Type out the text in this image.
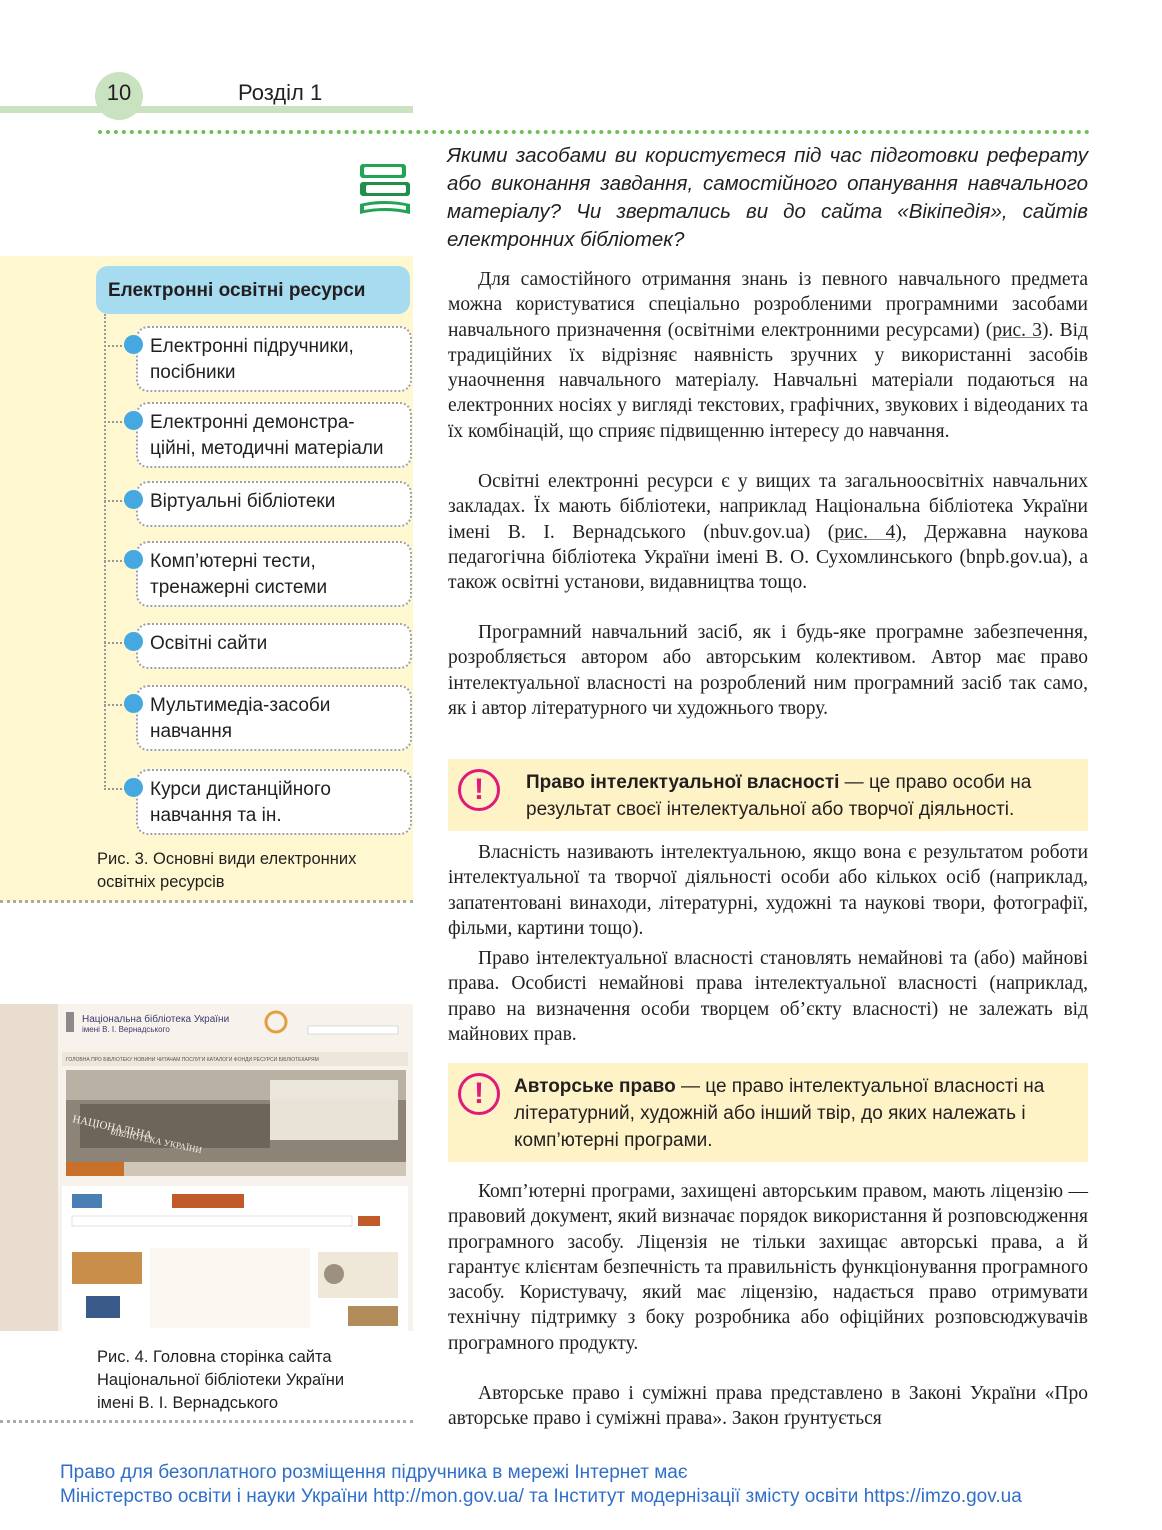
10	Розділ 1
Якими засобами ви користуєтеся під час підготовки реферату або виконання завдання, самостійного опанування навчального матеріалу? Чи звертались ви до сайта «Вікіпедія», сайтів електронних бібліотек?
Електронні освітні ресурси
Електронні підручники,
посібники
Електронні демонстра-
ційні, методичні матеріали
Віртуальні бібліотеки
Комп’ютерні тести,
тренажерні системи
Освітні сайти
Мультимедіа-засоби
навчання
Курси дистанційного
навчання та ін.
Рис. 3. Основні види електронних
освітніх ресурсів
Національна бібліотека України
імені В. І. Вернадського
ГОЛОВНА ПРО БІБЛІОТЕКУ НОВИНИ ЧИТАЧАМ ПОСЛУГИ КАТАЛОГИ ФОНДИ РЕСУРСИ БІБЛІОТЕКАРЯМ
НАЦІОНАЛЬНА
БІБЛІОТЕКА УКРАЇНИ
Рис. 4. Головна сторінка сайта
Національної бібліотеки України
імені В. І. Вернадського
Для самостійного отримання знань із певного навчального предмета можна користуватися спеціально розробленими програмними засобами навчального призначення (освітніми електронними ресурсами) (рис. 3). Від традиційних їх відрізняє наявність зручних у використанні засобів унаочнення навчального матеріалу. Навчальні матеріали подаються на електронних носіях у вигляді текстових, графічних, звукових і відеоданих та їх комбінацій, що сприяє підвищенню інтересу до навчання.
Освітні електронні ресурси є у вищих та загальноосвітніх навчальних закладах. Їх мають бібліотеки, наприклад Національна бібліотека України імені В. І. Вернадського (nbuv.gov.ua) (рис. 4), Державна наукова педагогічна бібліотека України імені В. О. Сухомлинського (bnpb.gov.ua), а також освітні установи, видавництва тощо.
Програмний навчальний засіб, як і будь-яке програмне забезпечення, розробляється автором або авторським колективом. Автор має право інтелектуальної власності на розроблений ним програмний засіб так само, як і автор літературного чи художнього твору.
!	Право інтелектуальної власності — це право особи на результат своєї інтелектуальної або творчої діяльності.
Власність називають інтелектуальною, якщо вона є результатом роботи інтелектуальної та творчої діяльності особи або кількох осіб (наприклад, запатентовані винаходи, літературні, художні та наукові твори, фотографії, фільми, картини тощо).
Право інтелектуальної власності становлять немайнові та (або) майнові права. Особисті немайнові права інтелектуальної власності (наприклад, право на визначення особи творцем об’єкту власності) не залежать від майнових прав.
!	Авторське право — це право інтелектуальної власності на літературний, художній або інший твір, до яких належать і комп’ютерні програми.
Комп’ютерні програми, захищені авторським правом, мають ліцензію — правовий документ, який визначає порядок використання й розповсюдження програмного засобу. Ліцензія не тільки захищає авторські права, а й гарантує клієнтам безпечність та правильність функціонування програмного засобу. Користувачу, який має ліцензію, надається право отримувати технічну підтримку з боку розробника або офіційних розповсюджувачів програмного продукту.
Авторське право і суміжні права представлено в Законі України «Про авторське право і суміжні права». Закон ґрунтується
Право для безоплатного розміщення підручника в мережі Інтернет має
Міністерство освіти і науки України http://mon.gov.ua/ та Інститут модернізації змісту освіти https://imzo.gov.ua
